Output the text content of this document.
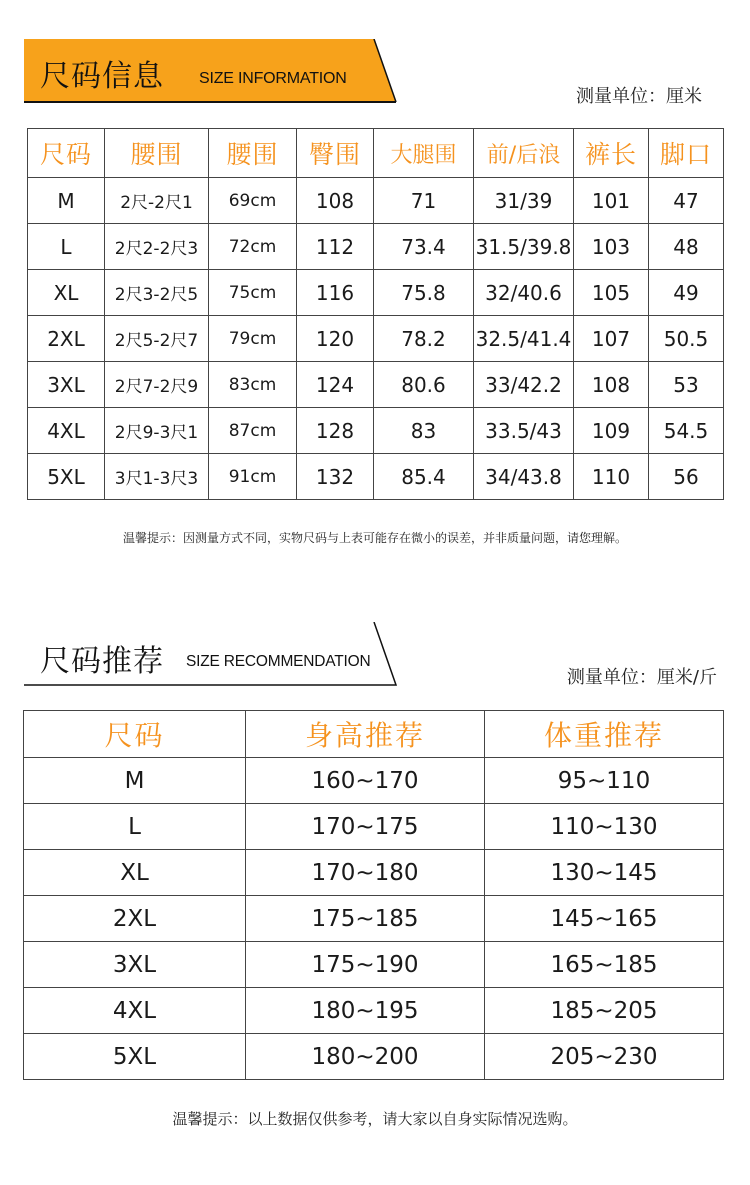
尺码信息 SIZE INFORMATION
测量单位：厘米
尺码	腰围	腰围	臀围	大腿围	前/后浪	裤长	脚口
M	2尺-2尺1	69cm	108	71	31/39	101	47
L	2尺2-2尺3	72cm	112	73.4	31.5/39.8	103	48
XL	2尺3-2尺5	75cm	116	75.8	32/40.6	105	49
2XL	2尺5-2尺7	79cm	120	78.2	32.5/41.4	107	50.5
3XL	2尺7-2尺9	83cm	124	80.6	33/42.2	108	53
4XL	2尺9-3尺1	87cm	128	83	33.5/43	109	54.5
5XL	3尺1-3尺3	91cm	132	85.4	34/43.8	110	56
温馨提示：因测量方式不同，实物尺码与上表可能存在微小的误差，并非质量问题，请您理解。
尺码推荐 SIZE RECOMMENDATION
测量单位：厘米/斤
尺码	身高推荐	体重推荐
M	160~170	95~110
L	170~175	110~130
XL	170~180	130~145
2XL	175~185	145~165
3XL	175~190	165~185
4XL	180~195	185~205
5XL	180~200	205~230
温馨提示：以上数据仅供参考，请大家以自身实际情况选购。
